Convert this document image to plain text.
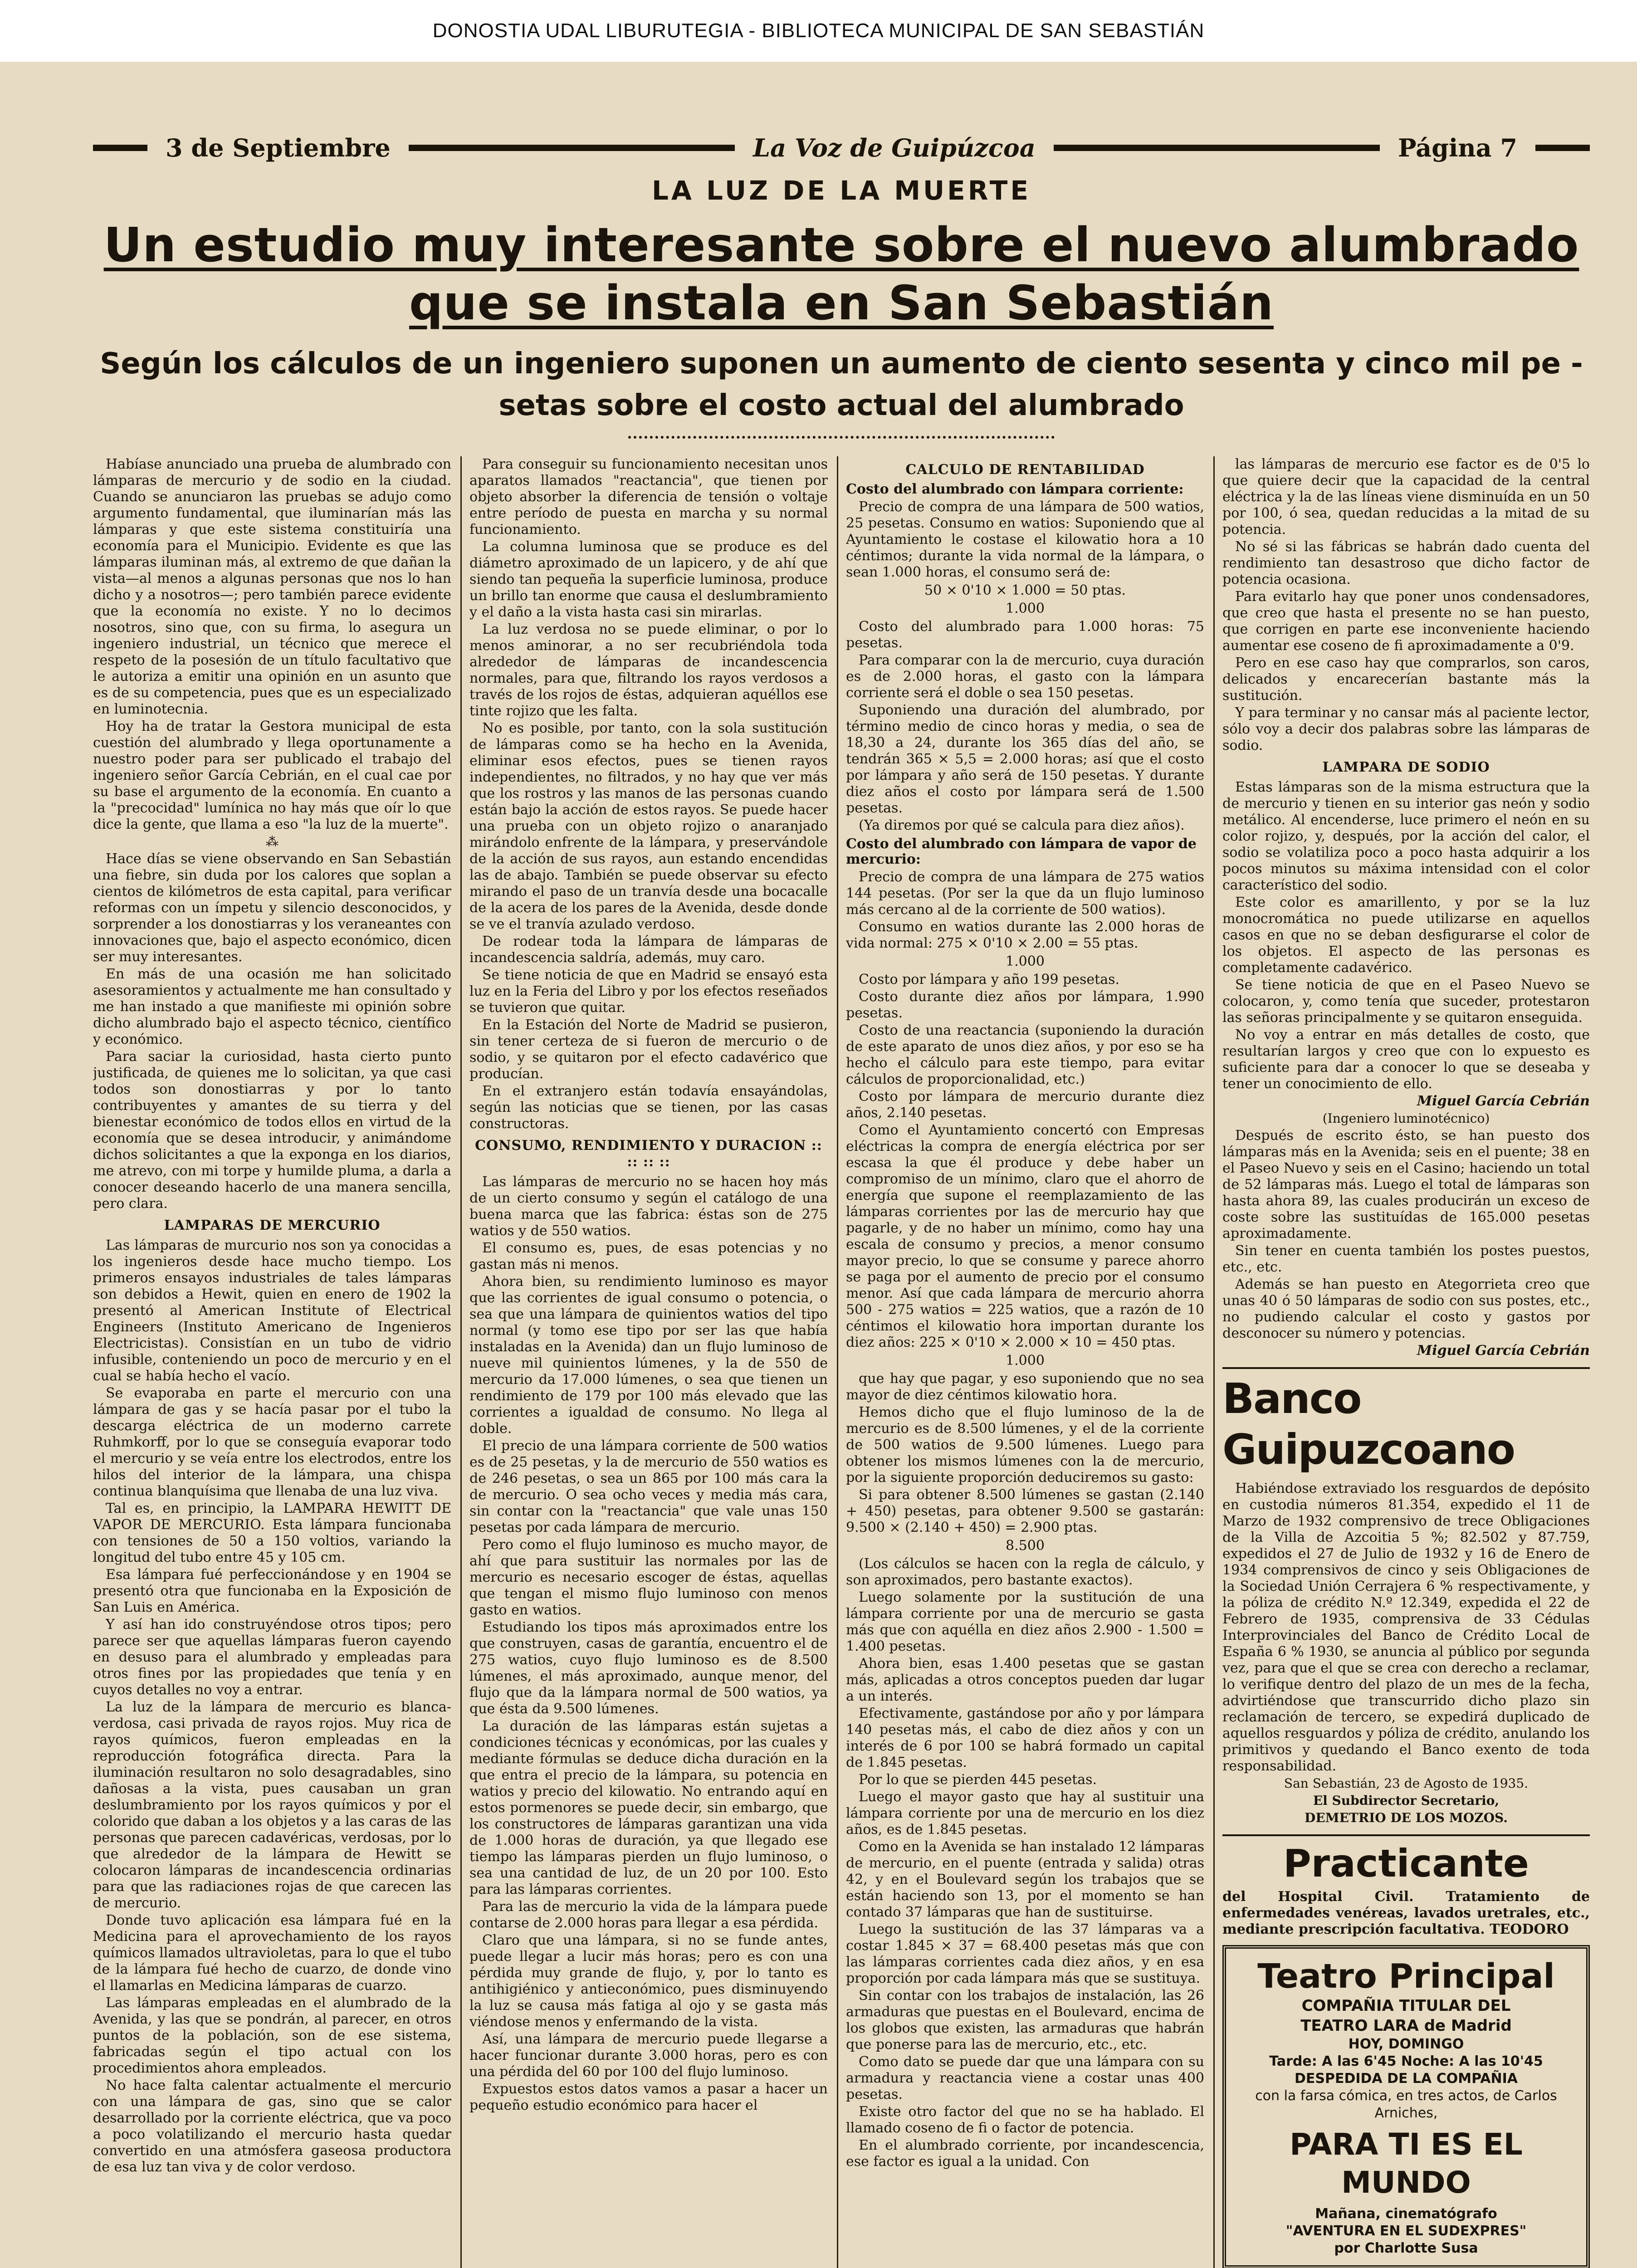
DONOSTIA UDAL LIBURUTEGIA - BIBLIOTECA MUNICIPAL DE SAN SEBASTIÁN
3 de Septiembre	La Voz de Guipúzcoa	Página 7
LA LUZ DE LA MUERTE
Un estudio muy interesante sobre el nuevo alumbrado
que se instala en San Sebastián
Según los cálculos de un ingeniero suponen un aumento de ciento sesenta y cinco mil pe - setas sobre el costo actual del alumbrado

Habíase anunciado una prueba de alumbrado con lámparas de mercurio y de sodio en la ciudad. Cuando se anunciaron las pruebas se adujo como argumento fundamental, que iluminarían más las lámparas y que este sistema constituiría una economía para el Municipio. Evidente es que las lámparas iluminan más, al extremo de que dañan la vista—al menos a algunas personas que nos lo han dicho y a nosotros—; pero también parece evidente que la economía no existe. Y no lo decimos nosotros, sino que, con su firma, lo asegura un ingeniero industrial, un técnico que merece el respeto de la posesión de un título facultativo que le autoriza a emitir una opinión en un asunto que es de su competencia, pues que es un especializado en luminotecnia.

Hoy ha de tratar la Gestora municipal de esta cuestión del alumbrado y llega oportunamente a nuestro poder para ser publicado el trabajo del ingeniero señor García Cebrián, en el cual cae por su base el argumento de la economía. En cuanto a la "precocidad" lumínica no hay más que oír lo que dice la gente, que llama a eso "la luz de la muerte".

⁂

Hace días se viene observando en San Sebastián una fiebre, sin duda por los calores que soplan a cientos de kilómetros de esta capital, para verificar reformas con un ímpetu y silencio desconocidos, y sorprender a los donostiarras y los veraneantes con innovaciones que, bajo el aspecto económico, dicen ser muy interesantes.

En más de una ocasión me han solicitado asesoramientos y actualmente me han consultado y me han instado a que manifieste mi opinión sobre dicho alumbrado bajo el aspecto técnico, científico y económico.

Para saciar la curiosidad, hasta cierto punto justificada, de quienes me lo solicitan, ya que casi todos son donostiarras y por lo tanto contribuyentes y amantes de su tierra y del bienestar económico de todos ellos en virtud de la economía que se desea introducir, y animándome dichos solicitantes a que la exponga en los diarios, me atrevo, con mi torpe y humilde pluma, a darla a conocer deseando hacerlo de una manera sencilla, pero clara.

LAMPARAS DE MERCURIO

Las lámparas de murcurio nos son ya conocidas a los ingenieros desde hace mucho tiempo. Los primeros ensayos industriales de tales lámparas son debidos a Hewit, quien en enero de 1902 la presentó al American Institute of Electrical Engineers (Instituto Americano de Ingenieros Electricistas). Consistían en un tubo de vidrio infusible, conteniendo un poco de mercurio y en el cual se había hecho el vacío.

Se evaporaba en parte el mercurio con una lámpara de gas y se hacía pasar por el tubo la descarga eléctrica de un moderno carrete Ruhmkorff, por lo que se conseguía evaporar todo el mercurio y se veía entre los electrodos, entre los hilos del interior de la lámpara, una chispa continua blanquísima que llenaba de una luz viva.

Tal es, en principio, la LAMPARA HEWITT DE VAPOR DE MERCURIO. Esta lámpara funcionaba con tensiones de 50 a 150 voltios, variando la longitud del tubo entre 45 y 105 cm.

Esa lámpara fué perfeccionándose y en 1904 se presentó otra que funcionaba en la Exposición de San Luis en América.

Y así han ido construyéndose otros tipos; pero parece ser que aquellas lámparas fueron cayendo en desuso para el alumbrado y empleadas para otros fines por las propiedades que tenía y en cuyos detalles no voy a entrar.

La luz de la lámpara de mercurio es blanca-verdosa, casi privada de rayos rojos. Muy rica de rayos químicos, fueron empleadas en la reproducción fotográfica directa. Para la iluminación resultaron no solo desagradables, sino dañosas a la vista, pues causaban un gran deslumbramiento por los rayos químicos y por el colorido que daban a los objetos y a las caras de las personas que parecen cadavéricas, verdosas, por lo que alrededor de la lámpara de Hewitt se colocaron lámparas de incandescencia ordinarias para que las radiaciones rojas de que carecen las de mercurio.

Donde tuvo aplicación esa lámpara fué en la Medicina para el aprovechamiento de los rayos químicos llamados ultravioletas, para lo que el tubo de la lámpara fué hecho de cuarzo, de donde vino el llamarlas en Medicina lámparas de cuarzo.

Las lámparas empleadas en el alumbrado de la Avenida, y las que se pondrán, al parecer, en otros puntos de la población, son de ese sistema, fabricadas según el tipo actual con los procedimientos ahora empleados.

No hace falta calentar actualmente el mercurio con una lámpara de gas, sino que se calor desarrollado por la corriente eléctrica, que va poco a poco volatilizando el mercurio hasta quedar convertido en una atmósfera gaseosa productora de esa luz tan viva y de color verdoso.

Para conseguir su funcionamiento necesitan unos aparatos llamados "reactancia", que tienen por objeto absorber la diferencia de tensión o voltaje entre período de puesta en marcha y su normal funcionamiento.

La columna luminosa que se produce es del diámetro aproximado de un lapicero, y de ahí que siendo tan pequeña la superficie luminosa, produce un brillo tan enorme que causa el deslumbramiento y el daño a la vista hasta casi sin mirarlas.

La luz verdosa no se puede eliminar, o por lo menos aminorar, a no ser recubriéndola toda alrededor de lámparas de incandescencia normales, para que, filtrando los rayos verdosos a través de los rojos de éstas, adquieran aquéllos ese tinte rojizo que les falta.

No es posible, por tanto, con la sola sustitución de lámparas como se ha hecho en la Avenida, eliminar esos efectos, pues se tienen rayos independientes, no filtrados, y no hay que ver más que los rostros y las manos de las personas cuando están bajo la acción de estos rayos. Se puede hacer una prueba con un objeto rojizo o anaranjado mirándolo enfrente de la lámpara, y preservándole de la acción de sus rayos, aun estando encendidas las de abajo. También se puede observar su efecto mirando el paso de un tranvía desde una bocacalle de la acera de los pares de la Avenida, desde donde se ve el tranvía azulado verdoso.

De rodear toda la lámpara de lámparas de incandescencia saldría, además, muy caro.

Se tiene noticia de que en Madrid se ensayó esta luz en la Feria del Libro y por los efectos reseñados se tuvieron que quitar.

En la Estación del Norte de Madrid se pusieron, sin tener certeza de si fueron de mercurio o de sodio, y se quitaron por el efecto cadavérico que producían.

En el extranjero están todavía ensayándolas, según las noticias que se tienen, por las casas constructoras.

CONSUMO, RENDIMIENTO Y DURACION :: :: :: ::

Las lámparas de mercurio no se hacen hoy más de un cierto consumo y según el catálogo de una buena marca que las fabrica: éstas son de 275 watios y de 550 watios.

El consumo es, pues, de esas potencias y no gastan más ni menos.

Ahora bien, su rendimiento luminoso es mayor que las corrientes de igual consumo o potencia, o sea que una lámpara de quinientos watios del tipo normal (y tomo ese tipo por ser las que había instaladas en la Avenida) dan un flujo luminoso de nueve mil quinientos lúmenes, y la de 550 de mercurio da 17.000 lúmenes, o sea que tienen un rendimiento de 179 por 100 más elevado que las corrientes a igualdad de consumo. No llega al doble.

El precio de una lámpara corriente de 500 watios es de 25 pesetas, y la de mercurio de 550 watios es de 246 pesetas, o sea un 865 por 100 más cara la de mercurio. O sea ocho veces y media más cara, sin contar con la "reactancia" que vale unas 150 pesetas por cada lámpara de mercurio.

Pero como el flujo luminoso es mucho mayor, de ahí que para sustituir las normales por las de mercurio es necesario escoger de éstas, aquellas que tengan el mismo flujo luminoso con menos gasto en watios.

Estudiando los tipos más aproximados entre los que construyen, casas de garantía, encuentro el de 275 watios, cuyo flujo luminoso es de 8.500 lúmenes, el más aproximado, aunque menor, del flujo que da la lámpara normal de 500 watios, ya que ésta da 9.500 lúmenes.

La duración de las lámparas están sujetas a condiciones técnicas y económicas, por las cuales y mediante fórmulas se deduce dicha duración en la que entra el precio de la lámpara, su potencia en watios y precio del kilowatio. No entrando aquí en estos pormenores se puede decir, sin embargo, que los constructores de lámparas garantizan una vida de 1.000 horas de duración, ya que llegado ese tiempo las lámparas pierden un flujo luminoso, o sea una cantidad de luz, de un 20 por 100. Esto para las lámparas corrientes.

Para las de mercurio la vida de la lámpara puede contarse de 2.000 horas para llegar a esa pérdida.

Claro que una lámpara, si no se funde antes, puede llegar a lucir más horas; pero es con una pérdida muy grande de flujo, y, por lo tanto es antihigiénico y antieconómico, pues disminuyendo la luz se causa más fatiga al ojo y se gasta más viéndose menos y enfermando de la vista.

Así, una lámpara de mercurio puede llegarse a hacer funcionar durante 3.000 horas, pero es con una pérdida del 60 por 100 del flujo luminoso.

Expuestos estos datos vamos a pasar a hacer un pequeño estudio económico para hacer el

CALCULO DE RENTABILIDAD
Costo del alumbrado con lámpara corriente:

Precio de compra de una lámpara de 500 watios, 25 pesetas. Consumo en watios: Suponiendo que al Ayuntamiento le costase el kilowatio hora a 10 céntimos; durante la vida normal de la lámpara, o sean 1.000 horas, el consumo será de:

50 × 0'10 × 1.000 = 50 ptas.

1.000

Costo del alumbrado para 1.000 horas: 75 pesetas.

Para comparar con la de mercurio, cuya duración es de 2.000 horas, el gasto con la lámpara corriente será el doble o sea 150 pesetas.

Suponiendo una duración del alumbrado, por término medio de cinco horas y media, o sea de 18,30 a 24, durante los 365 días del año, se tendrán 365 × 5,5 = 2.000 horas; así que el costo por lámpara y año será de 150 pesetas. Y durante diez años el costo por lámpara será de 1.500 pesetas.

(Ya diremos por qué se calcula para diez años).

Costo del alumbrado con lámpara de vapor de mercurio:

Precio de compra de una lámpara de 275 watios 144 pesetas. (Por ser la que da un flujo luminoso más cercano al de la corriente de 500 watios).

Consumo en watios durante las 2.000 horas de vida normal: 275 × 0'10 × 2.00 = 55 ptas.

1.000

Costo por lámpara y año 199 pesetas.

Costo durante diez años por lámpara, 1.990 pesetas.

Costo de una reactancia (suponiendo la duración de este aparato de unos diez años, y por eso se ha hecho el cálculo para este tiempo, para evitar cálculos de proporcionalidad, etc.)

Costo por lámpara de mercurio durante diez años, 2.140 pesetas.

Como el Ayuntamiento concertó con Empresas eléctricas la compra de energía eléctrica por ser escasa la que él produce y debe haber un compromiso de un mínimo, claro que el ahorro de energía que supone el reemplazamiento de las lámparas corrientes por las de mercurio hay que pagarle, y de no haber un mínimo, como hay una escala de consumo y precios, a menor consumo mayor precio, lo que se consume y parece ahorro se paga por el aumento de precio por el consumo menor. Así que cada lámpara de mercurio ahorra 500 - 275 watios = 225 watios, que a razón de 10 céntimos el kilowatio hora importan durante los diez años: 225 × 0'10 × 2.000 × 10 = 450 ptas.

1.000

que hay que pagar, y eso suponiendo que no sea mayor de diez céntimos kilowatio hora.

Hemos dicho que el flujo luminoso de la de mercurio es de 8.500 lúmenes, y el de la corriente de 500 watios de 9.500 lúmenes. Luego para obtener los mismos lúmenes con la de mercurio, por la siguiente proporción deduciremos su gasto:

Si para obtener 8.500 lúmenes se gastan (2.140 + 450) pesetas, para obtener 9.500 se gastarán: 9.500 × (2.140 + 450) = 2.900 ptas.

8.500

(Los cálculos se hacen con la regla de cálculo, y son aproximados, pero bastante exactos).

Luego solamente por la sustitución de una lámpara corriente por una de mercurio se gasta más que con aquélla en diez años 2.900 - 1.500 = 1.400 pesetas.

Ahora bien, esas 1.400 pesetas que se gastan más, aplicadas a otros conceptos pueden dar lugar a un interés.

Efectivamente, gastándose por año y por lámpara 140 pesetas más, el cabo de diez años y con un interés de 6 por 100 se habrá formado un capital de 1.845 pesetas.

Por lo que se pierden 445 pesetas.

Luego el mayor gasto que hay al sustituir una lámpara corriente por una de mercurio en los diez años, es de 1.845 pesetas.

Como en la Avenida se han instalado 12 lámparas de mercurio, en el puente (entrada y salida) otras 42, y en el Boulevard según los trabajos que se están haciendo son 13, por el momento se han contado 37 lámparas que han de sustituirse.

Luego la sustitución de las 37 lámparas va a costar 1.845 × 37 = 68.400 pesetas más que con las lámparas corrientes cada diez años, y en esa proporción por cada lámpara más que se sustituya.

Sin contar con los trabajos de instalación, las 26 armaduras que puestas en el Boulevard, encima de los globos que existen, las armaduras que habrán que ponerse para las de mercurio, etc., etc.

Como dato se puede dar que una lámpara con su armadura y reactancia viene a costar unas 400 pesetas.

Existe otro factor del que no se ha hablado. El llamado coseno de fi o factor de potencia.

En el alumbrado corriente, por incandescencia, ese factor es igual a la unidad. Con

las lámparas de mercurio ese factor es de 0'5 lo que quiere decir que la capacidad de la central eléctrica y la de las líneas viene disminuída en un 50 por 100, ó sea, quedan reducidas a la mitad de su potencia.

No sé si las fábricas se habrán dado cuenta del rendimiento tan desastroso que dicho factor de potencia ocasiona.

Para evitarlo hay que poner unos condensadores, que creo que hasta el presente no se han puesto, que corrigen en parte ese inconveniente haciendo aumentar ese coseno de fi aproximadamente a 0'9.

Pero en ese caso hay que comprarlos, son caros, delicados y encarecerían bastante más la sustitución.

Y para terminar y no cansar más al paciente lector, sólo voy a decir dos palabras sobre las lámparas de sodio.

LAMPARA DE SODIO

Estas lámparas son de la misma estructura que la de mercurio y tienen en su interior gas neón y sodio metálico. Al encenderse, luce primero el neón en su color rojizo, y, después, por la acción del calor, el sodio se volatiliza poco a poco hasta adquirir a los pocos minutos su máxima intensidad con el color característico del sodio.

Este color es amarillento, y por se la luz monocromática no puede utilizarse en aquellos casos en que no se deban desfigurarse el color de los objetos. El aspecto de las personas es completamente cadavérico.

Se tiene noticia de que en el Paseo Nuevo se colocaron, y, como tenía que suceder, protestaron las señoras principalmente y se quitaron enseguida.

No voy a entrar en más detalles de costo, que resultarían largos y creo que con lo expuesto es suficiente para dar a conocer lo que se deseaba y tener un conocimiento de ello.

Miguel García Cebrián

(Ingeniero luminotécnico)

Después de escrito ésto, se han puesto dos lámparas más en la Avenida; seis en el puente; 38 en el Paseo Nuevo y seis en el Casino; haciendo un total de 52 lámparas más. Luego el total de lámparas son hasta ahora 89, las cuales producirán un exceso de coste sobre las sustituídas de 165.000 pesetas aproximadamente.

Sin tener en cuenta también los postes puestos, etc., etc.

Además se han puesto en Ategorrieta creo que unas 40 ó 50 lámparas de sodio con sus postes, etc., no pudiendo calcular el costo y gastos por desconocer su número y potencias.

Miguel García Cebrián

Banco Guipuzcoano

Habiéndose extraviado los resguardos de depósito en custodia números 81.354, expedido el 11 de Marzo de 1932 comprensivo de trece Obligaciones de la Villa de Azcoitia 5 %; 82.502 y 87.759, expedidos el 27 de Julio de 1932 y 16 de Enero de 1934 comprensivos de cinco y seis Obligaciones de la Sociedad Unión Cerrajera 6 % respectivamente, y la póliza de crédito N.º 12.349, expedida el 22 de Febrero de 1935, comprensiva de 33 Cédulas Interprovinciales del Banco de Crédito Local de España 6 % 1930, se anuncia al público por segunda vez, para que el que se crea con derecho a reclamar, lo verifique dentro del plazo de un mes de la fecha, advirtiéndose que transcurrido dicho plazo sin reclamación de tercero, se expedirá duplicado de aquellos resguardos y póliza de crédito, anulando los primitivos y quedando el Banco exento de toda responsabilidad.

San Sebastián, 23 de Agosto de 1935.

El Subdirector Secretario,

DEMETRIO DE LOS MOZOS.

Practicante

del Hospital Civil. Tratamiento de enfermedades venéreas, lavados uretrales, etc., mediante prescripción facultativa. TEODORO

Teatro Principal
COMPAÑIA TITULAR DEL
TEATRO LARA de Madrid
HOY, DOMINGO
Tarde: A las 6'45 Noche: A las 10'45
DESPEDIDA DE LA COMPAÑIA
con la farsa cómica, en tres actos, de Carlos Arniches,
PARA TI ES EL MUNDO
Mañana, cinematógrafo
"AVENTURA EN EL SUDEXPRES"
por Charlotte Susa
